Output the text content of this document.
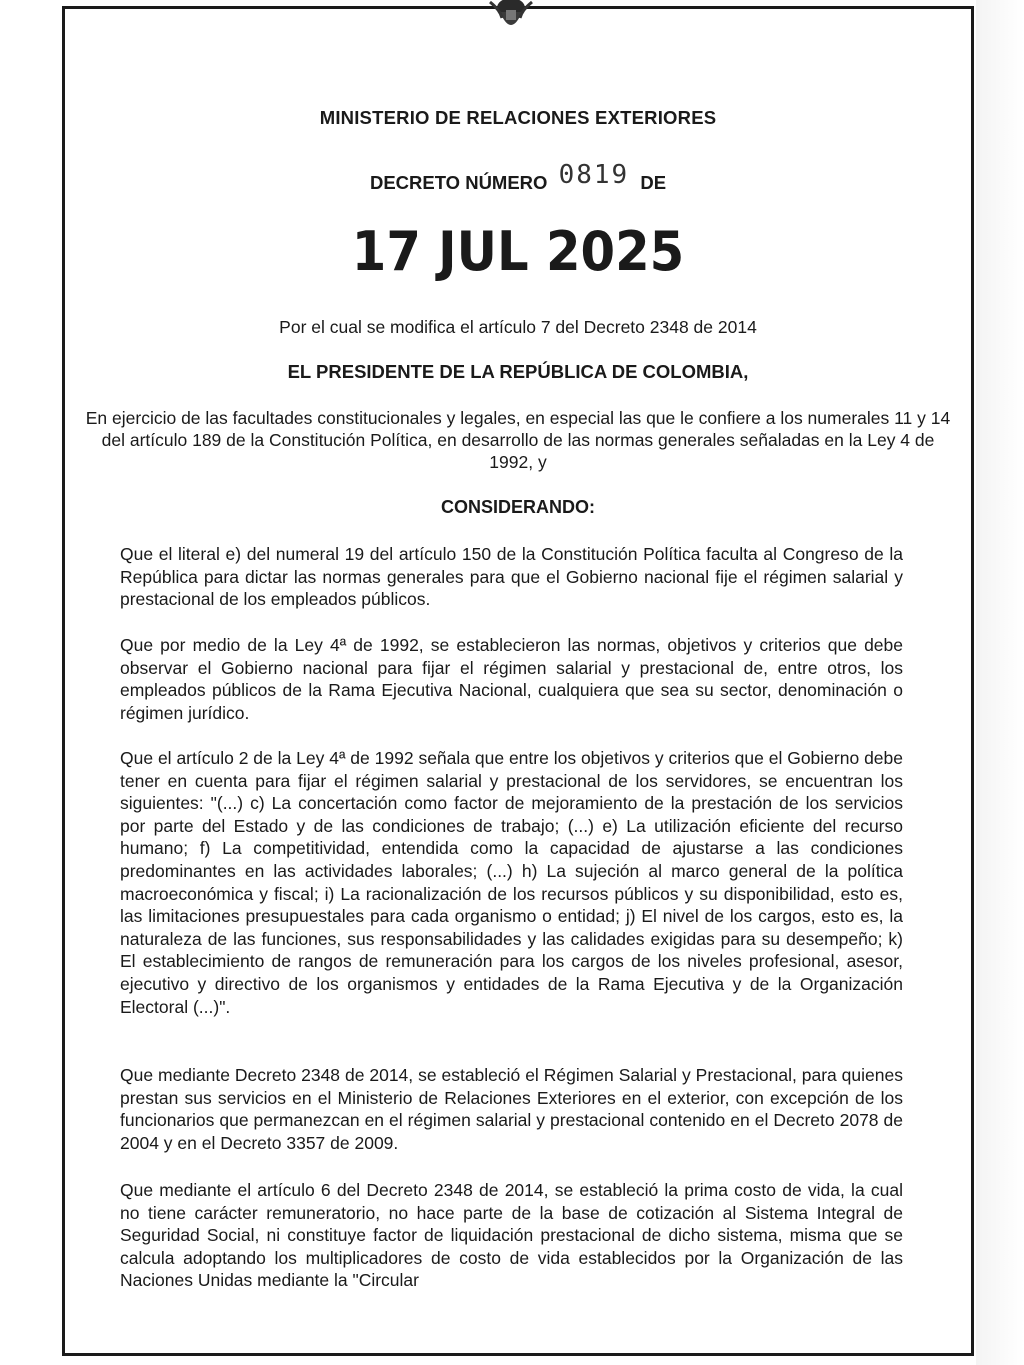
MINISTERIO DE RELACIONES EXTERIORES
DECRETO NÚMERO 0819 DE
17 JUL 2025
Por el cual se modifica el artículo 7 del Decreto 2348 de 2014
EL PRESIDENTE DE LA REPÚBLICA DE COLOMBIA,
En ejercicio de las facultades constitucionales y legales, en especial las que le confiere a los numerales 11 y 14 del artículo 189 de la Constitución Política, en desarrollo de las normas generales señaladas en la Ley 4 de 1992, y
CONSIDERANDO:

Que el literal e) del numeral 19 del artículo 150 de la Constitución Política faculta al Congreso de la República para dictar las normas generales para que el Gobierno nacional fije el régimen salarial y prestacional de los empleados públicos.

Que por medio de la Ley 4ª de 1992, se establecieron las normas, objetivos y criterios que debe observar el Gobierno nacional para fijar el régimen salarial y prestacional de, entre otros, los empleados públicos de la Rama Ejecutiva Nacional, cualquiera que sea su sector, denominación o régimen jurídico.

Que el artículo 2 de la Ley 4ª de 1992 señala que entre los objetivos y criterios que el Gobierno debe tener en cuenta para fijar el régimen salarial y prestacional de los servidores, se encuentran los siguientes: "(...) c) La concertación como factor de mejoramiento de la prestación de los servicios por parte del Estado y de las condiciones de trabajo; (...) e) La utilización eficiente del recurso humano; f) La competitividad, entendida como la capacidad de ajustarse a las condiciones predominantes en las actividades laborales; (...) h) La sujeción al marco general de la política macroeconómica y fiscal; i) La racionalización de los recursos públicos y su disponibilidad, esto es, las limitaciones presupuestales para cada organismo o entidad; j) El nivel de los cargos, esto es, la naturaleza de las funciones, sus responsabilidades y las calidades exigidas para su desempeño; k) El establecimiento de rangos de remuneración para los cargos de los niveles profesional, asesor, ejecutivo y directivo de los organismos y entidades de la Rama Ejecutiva y de la Organización Electoral (...)".

Que mediante Decreto 2348 de 2014, se estableció el Régimen Salarial y Prestacional, para quienes prestan sus servicios en el Ministerio de Relaciones Exteriores en el exterior, con excepción de los funcionarios que permanezcan en el régimen salarial y prestacional contenido en el Decreto 2078 de 2004 y en el Decreto 3357 de 2009.

Que mediante el artículo 6 del Decreto 2348 de 2014, se estableció la prima costo de vida, la cual no tiene carácter remuneratorio, no hace parte de la base de cotización al Sistema Integral de Seguridad Social, ni constituye factor de liquidación prestacional de dicho sistema, misma que se calcula adoptando los multiplicadores de costo de vida establecidos por la Organización de las Naciones Unidas mediante la "Circular
